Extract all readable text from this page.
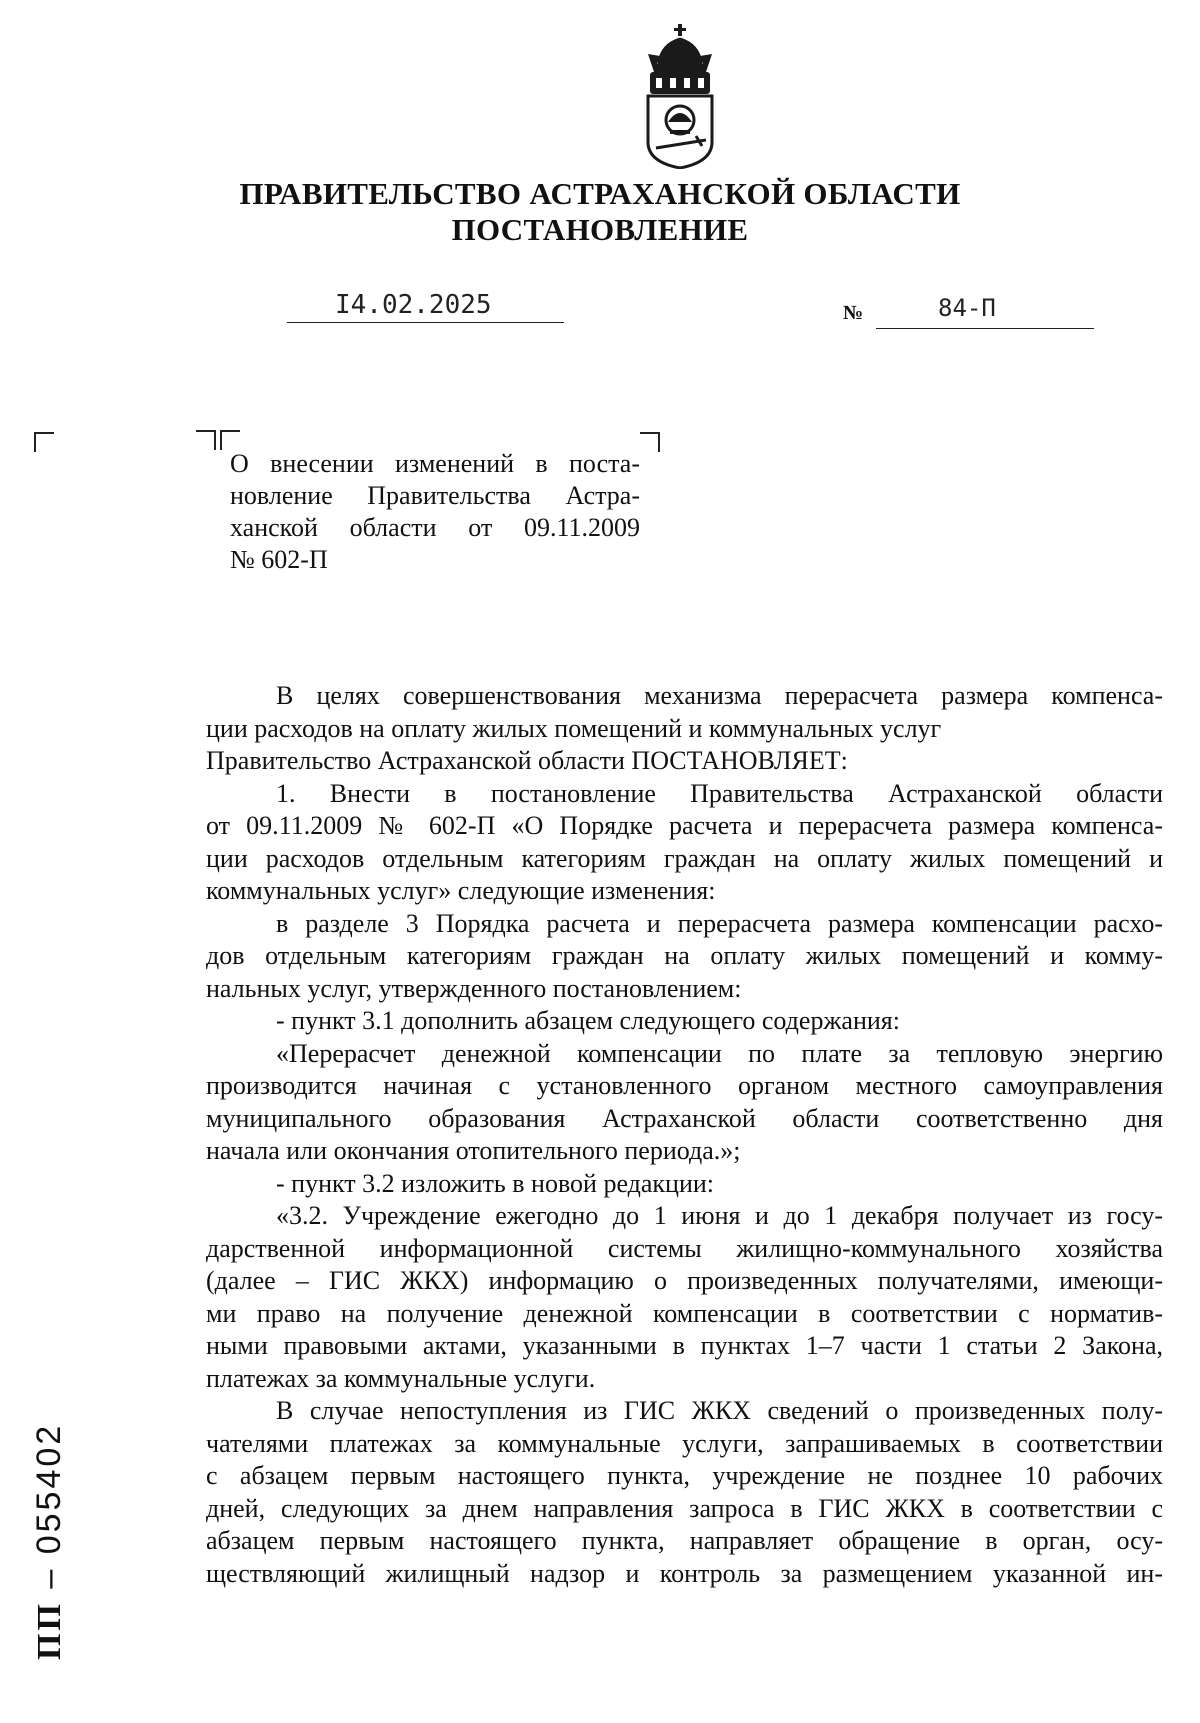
ПРАВИТЕЛЬСТВО АСТРАХАНСКОЙ ОБЛАСТИ
ПОСТАНОВЛЕНИЕ
I4.02.2025	№	84-П
О внесении изменений в поста-
новление Правительства Астра-
ханской области от 09.11.2009
№ 602-П
В целях совершенствования механизма перерасчета размера компенса-
ции расходов на оплату жилых помещений и коммунальных услуг
Правительство Астраханской области ПОСТАНОВЛЯЕТ:
1. Внести в постановление Правительства Астраханской области
от 09.11.2009 № 602-П «О Порядке расчета и перерасчета размера компенса-
ции расходов отдельным категориям граждан на оплату жилых помещений и
коммунальных услуг» следующие изменения:
в разделе 3 Порядка расчета и перерасчета размера компенсации расхо-
дов отдельным категориям граждан на оплату жилых помещений и комму-
нальных услуг, утвержденного постановлением:
- пункт 3.1 дополнить абзацем следующего содержания:
«Перерасчет денежной компенсации по плате за тепловую энергию
производится начиная с установленного органом местного самоуправления
муниципального образования Астраханской области соответственно дня
начала или окончания отопительного периода.»;
- пункт 3.2 изложить в новой редакции:
«3.2. Учреждение ежегодно до 1 июня и до 1 декабря получает из госу-
дарственной информационной системы жилищно-коммунального хозяйства
(далее – ГИС ЖКХ) информацию о произведенных получателями, имеющи-
ми право на получение денежной компенсации в соответствии с норматив-
ными правовыми актами, указанными в пунктах 1–7 части 1 статьи 2 Закона,
платежах за коммунальные услуги.
В случае непоступления из ГИС ЖКХ сведений о произведенных полу-
чателями платежах за коммунальные услуги, запрашиваемых в соответствии
с абзацем первым настоящего пункта, учреждение не позднее 10 рабочих
дней, следующих за днем направления запроса в ГИС ЖКХ в соответствии с
абзацем первым настоящего пункта, направляет обращение в орган, осу-
ществляющий жилищный надзор и контроль за размещением указанной ин-
ПП – 055402
